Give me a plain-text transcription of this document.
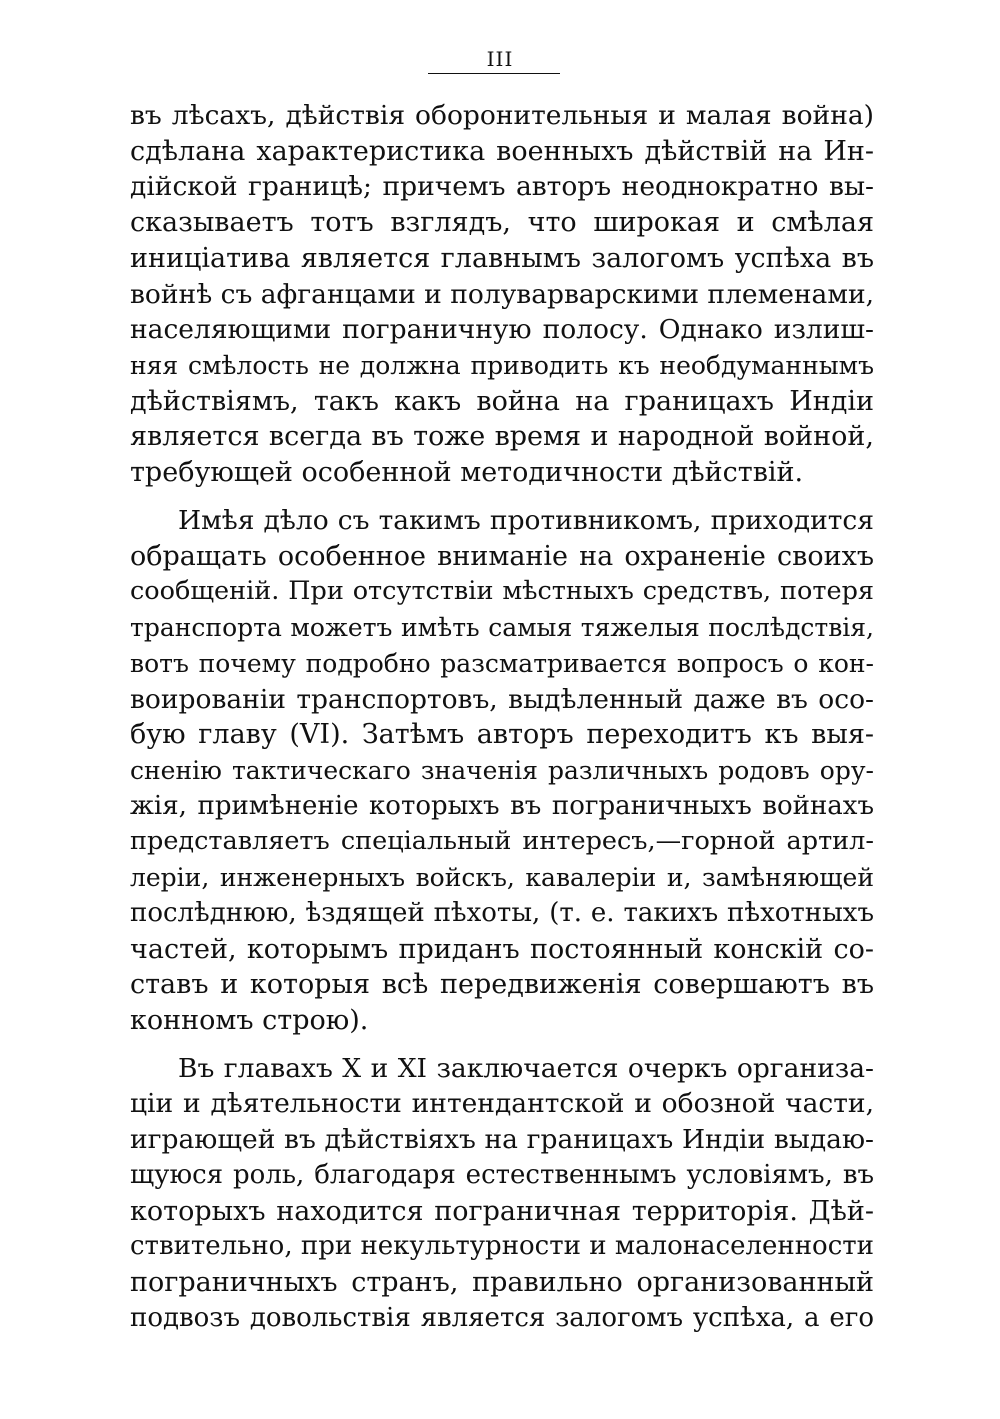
III
въ лѣсахъ, дѣйствія оборонительныя и малая война)
сдѣлана характеристика военныхъ дѣйствій на Ин-
дійской границѣ; причемъ авторъ неоднократно вы-
сказываетъ тотъ взглядъ, что широкая и смѣлая
иниціатива является главнымъ залогомъ успѣха въ
войнѣ съ афганцами и полуварварскими племенами,
населяющими пограничную полосу. Однако излиш-
няя смѣлость не должна приводить къ необдуманнымъ
дѣйствіямъ, такъ какъ война на границахъ Индіи
является всегда въ тоже время и народной войной,
требующей особенной методичности дѣйствій.
Имѣя дѣло съ такимъ противникомъ, приходится
обращать особенное вниманіе на охраненіе своихъ
сообщеній. При отсутствіи мѣстныхъ средствъ, потеря
транспорта можетъ имѣть самыя тяжелыя послѣдствія,
вотъ почему подробно разсматривается вопросъ о кон-
воированіи транспортовъ, выдѣленный даже въ осо-
бую главу (VI). Затѣмъ авторъ переходитъ къ выя-
сненію тактическаго значенія различныхъ родовъ ору-
жія, примѣненіе которыхъ въ пограничныхъ войнахъ
представляетъ спеціальный интересъ,—горной артил-
леріи, инженерныхъ войскъ, кавалеріи и, замѣняющей
послѣднюю, ѣздящей пѣхоты, (т. е. такихъ пѣхотныхъ
частей, которымъ приданъ постоянный конскій со-
ставъ и которыя всѣ передвиженія совершаютъ въ
конномъ строю).
Въ главахъ X и XI заключается очеркъ организа-
ціи и дѣятельности интендантской и обозной части,
играющей въ дѣйствіяхъ на границахъ Индіи выдаю-
щуюся роль, благодаря естественнымъ условіямъ, въ
которыхъ находится пограничная территорія. Дѣй-
ствительно, при некультурности и малонаселенности
пограничныхъ странъ, правильно организованный
подвозъ довольствія является залогомъ успѣха, а его
